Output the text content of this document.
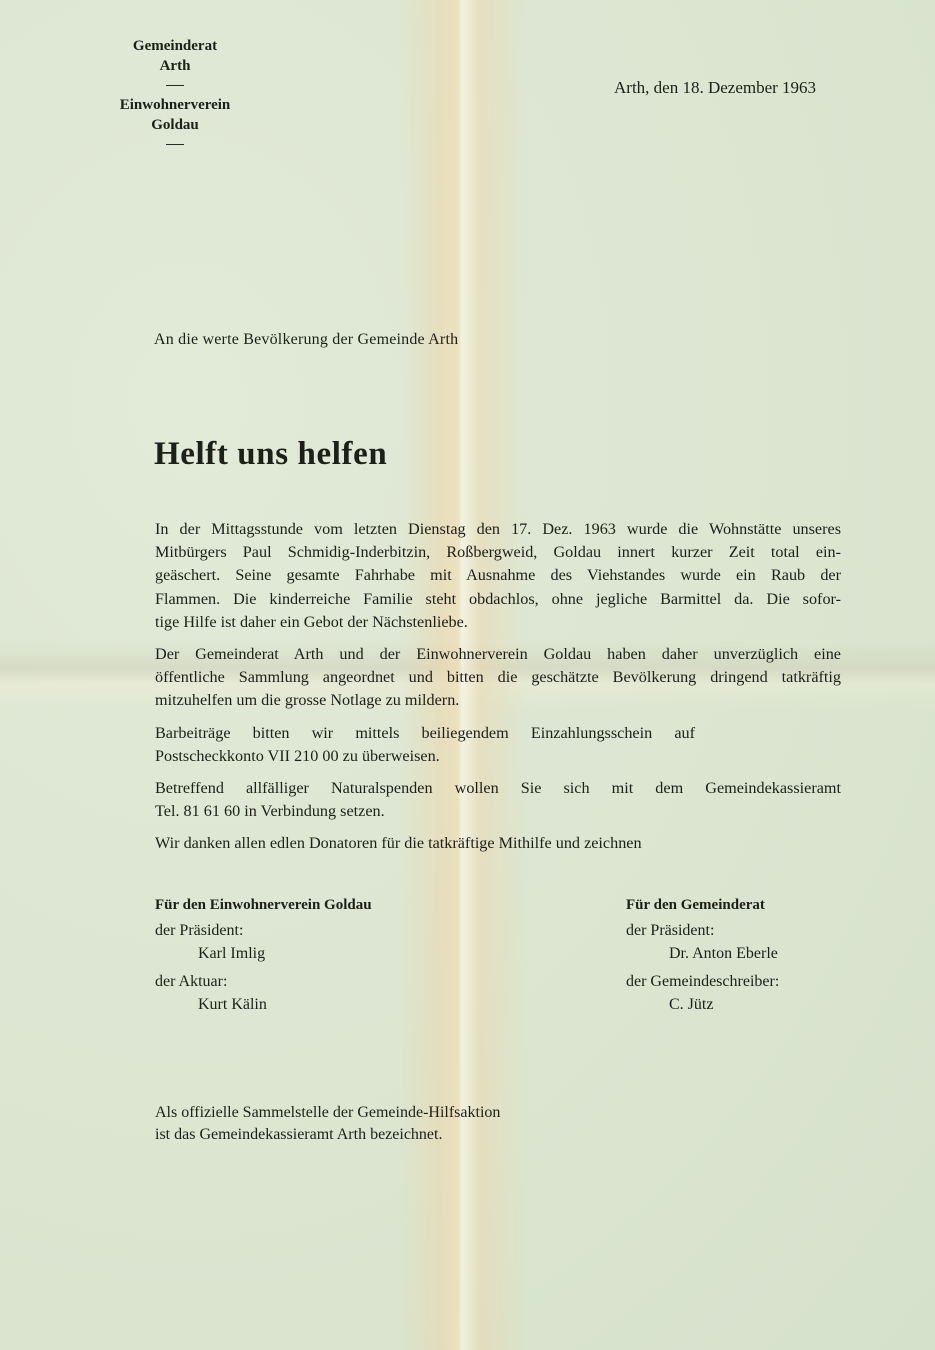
Gemeinderat
Arth
Einwohnerverein
Goldau
Arth, den 18. Dezember 1963
An die werte Bevölkerung der Gemeinde Arth
Helft uns helfen
In der Mittagsstunde vom letzten Dienstag den 17. Dez. 1963 wurde die Wohnstätte unseres
Mitbürgers Paul Schmidig-Inderbitzin, Roßbergweid, Goldau innert kurzer Zeit total ein-
geäschert. Seine gesamte Fahrhabe mit Ausnahme des Viehstandes wurde ein Raub der
Flammen. Die kinderreiche Familie steht obdachlos, ohne jegliche Barmittel da. Die sofor-
tige Hilfe ist daher ein Gebot der Nächstenliebe.
Der Gemeinderat Arth und der Einwohnerverein Goldau haben daher unverzüglich eine
öffentliche Sammlung angeordnet und bitten die geschätzte Bevölkerung dringend tatkräftig
mitzuhelfen um die grosse Notlage zu mildern.
Barbeiträge bitten wir mittels beiliegendem Einzahlungsschein auf
Postscheckkonto VII 210 00 zu überweisen.
Betreffend allfälliger Naturalspenden wollen Sie sich mit dem Gemeindekassieramt
Tel. 81 61 60 in Verbindung setzen.
Wir danken allen edlen Donatoren für die tatkräftige Mithilfe und zeichnen
Für den Einwohnerverein Goldau
der Präsident:
Karl Imlig
der Aktuar:
Kurt Kälin
Für den Gemeinderat
der Präsident:
Dr. Anton Eberle
der Gemeindeschreiber:
C. Jütz
Als offizielle Sammelstelle der Gemeinde-Hilfsaktion
ist das Gemeindekassieramt Arth bezeichnet.
